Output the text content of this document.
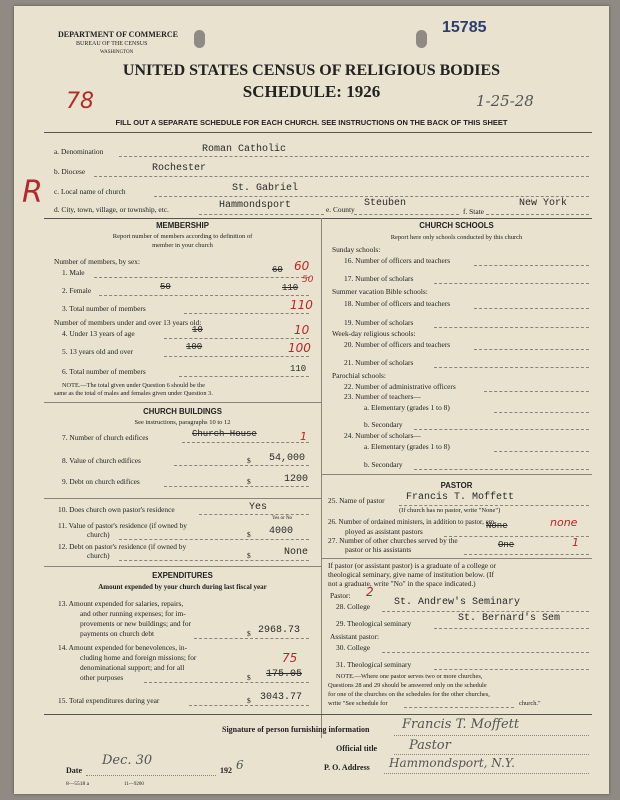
DEPARTMENT OF COMMERCE
BUREAU OF THE CENSUS
WASHINGTON
15785
UNITED STATES CENSUS OF RELIGIOUS BODIES
SCHEDULE: 1926
78	1-25-28
FILL OUT A SEPARATE SCHEDULE FOR EACH CHURCH. SEE INSTRUCTIONS ON THE BACK OF THIS SHEET
R
a. Denomination	Roman Catholic
b. Diocese	Rochester
c. Local name of church	St. Gabriel
d. City, town, village, or township, etc.	Hammondsport	e. County
Steuben
f. State
New York
MEMBERSHIP
Report number of members according to definition of
member in your church
Number of members, by sex:
1. Male	60 60
2. Female	50	110
50
3. Total number of members	110
Number of members under and over 13 years old:
4. Under 13 years of age	10	10
5. 13 years old and over	100	100
6. Total number of members	110
NOTE.—The total given under Question 6 should be the
same as the total of males and females given under Question 3.
CHURCH BUILDINGS
See instructions, paragraphs 10 to 12
7. Number of church edifices	Church House	1
8. Value of church edifices	$ 54,000
9. Debt on church edifices	$	1200
10. Does church own pastor's residence	Yes
Yes or No
11. Value of pastor's residence (if owned by
church)	$ 4000
12. Debt on pastor's residence (if owned by
church)	$	None
EXPENDITURES
Amount expended by your church during last fiscal year
13. Amount expended for salaries, repairs,
and other running expenses; for im-
provements or new buildings; and for
payments on church debt	$ 2968.73
14. Amount expended for benevolences, in-
cluding home and foreign missions; for
denominational support; and for all
other purposes
75
$ 175.05
15. Total expenditures during year	$ 3043.77
CHURCH SCHOOLS
Report here only schools conducted by this church
Sunday schools:
16. Number of officers and teachers
17. Number of scholars
Summer vacation Bible schools:
18. Number of officers and teachers
19. Number of scholars
Week-day religious schools:
20. Number of officers and teachers
21. Number of scholars
Parochial schools:
22. Number of administrative officers
23. Number of teachers—
a. Elementary (grades 1 to 8)
b. Secondary
24. Number of scholars—
a. Elementary (grades 1 to 8)
b. Secondary
PASTOR
25. Name of pastor Francis T. Moffett
(If church has no pastor, write "None")
26. Number of ordained ministers, in addition to pastor, em-
ployed as assistant pastors
None	none
27. Number of other churches served by the
pastor or his assistants	One	1
If pastor (or assistant pastor) is a graduate of a college or
theological seminary, give name of institution below. (If
not a graduate, write "No" in the space indicated.)
Pastor: 2
28. College St. Andrew's Seminary
29. Theological seminary	St. Bernard's Sem
Assistant pastor:
30. College
31. Theological seminary
NOTE.—Where one pastor serves two or more churches,
Questions 28 and 29 should be answered only on the schedule
for one of the churches on the schedules for the other churches,
write "See schedule for	church."
Signature of person furnishing information	Francis T. Moffett
Official title Pastor
Date
Dec. 30
192 6	P. O. Address Hammondsport, N.Y.
8—5518 a	11—9200
